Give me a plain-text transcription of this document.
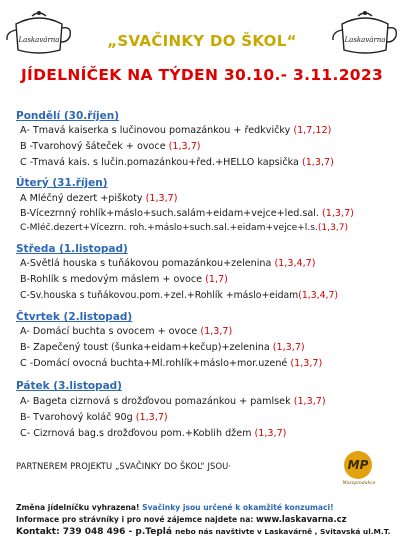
Laskavárna	Laskavárna
„SVAČINKY DO ŠKOL“
JÍDELNÍČEK NA TÝDEN 30.10.- 3.11.2023
Pondělí (30.říjen)
A- Tmavá kaiserka s lučinovou pomazánkou + ředkvičky (1,7,12)
B -Tvarohový šáteček + ovoce (1,3,7)
C -Tmavá kais. s lučin.pomazánkou+řed.+HELLO kapsička (1,3,7)
Úterý (31.říjen)
A Mléčný dezert +piškoty (1,3,7)
B-Vícezrnný rohlík+máslo+such.salám+eidam+vejce+led.sal. (1,3,7)
C-Mléč.dezert+Vícezrn. roh.+máslo+such.sal.+eidam+vejce+l.s.(1,3,7)
Středa (1.listopad)
A-Světlá houska s tuňákovou pomazánkou+zelenina (1,3,4,7)
B-Rohlík s medovým máslem + ovoce (1,7)
C-Sv.houska s tuňákovou.pom.+zel.+Rohlík +máslo+eidam(1,3,4,7)
Čtvrtek (2.listopad)
A- Domácí buchta s ovocem + ovoce (1,3,7)
B- Zapečený toust (šunka+eidam+kečup)+zelenina (1,3,7)
C -Domácí ovocná buchta+Ml.rohlík+máslo+mor.uzené (1,3,7)
Pátek (3.listopad)
A- Bageta cizrnová s drožďovou pomazánkou + pamlsek (1,3,7)
B- Tvarohový koláč 90g (1,3,7)
C- Cizrnová bag.s drožďovou pom.+Koblih džem (1,3,7)
PARTNEREM PROJEKTU „SVAČINKY DO ŠKOL“ JSOU·	MP
Masoprodukce
Změna jídelníčku vyhrazena! Svačinky jsou určené k okamžité konzumaci!
Informace pro strávníky i pro nové zájemce najdete na: www.laskavarna.cz
Kontakt: 739 048 496 - p.Teplá nebo nás navštivte v Laskavárně , Svitavská ul.M.T.
